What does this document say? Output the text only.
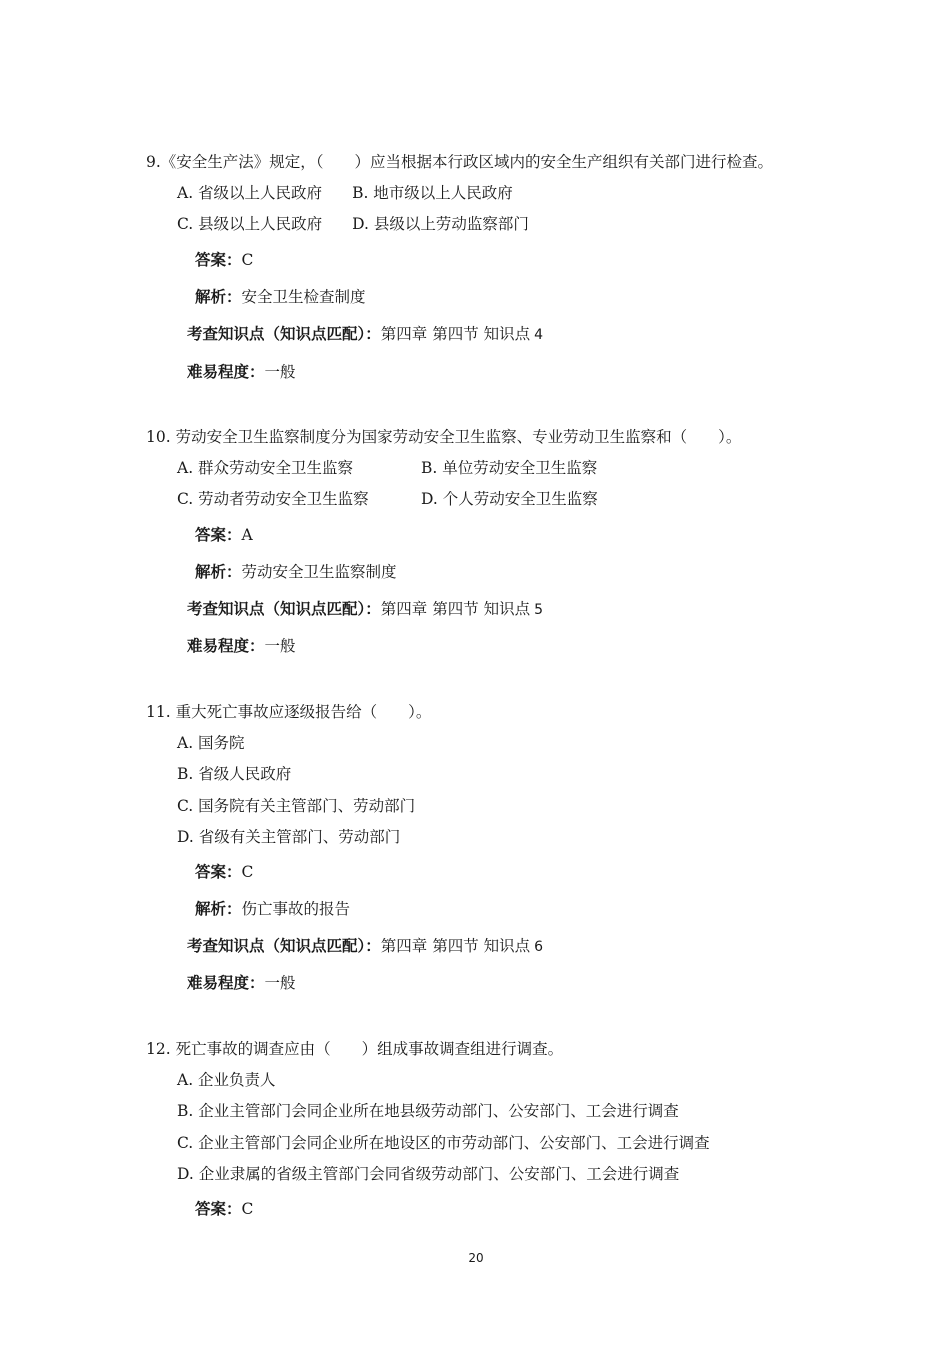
9.《安全生产法》规定，（　　）应当根据本行政区域内的安全生产组织有关部门进行检查。
A. 省级以上人民政府 B. 地市级以上人民政府
C. 县级以上人民政府 D. 县级以上劳动监察部门
答案：C
解析：安全卫生检查制度
考查知识点（知识点匹配）：第四章 第四节 知识点 4
难易程度：一般
10. 劳动安全卫生监察制度分为国家劳动安全卫生监察、专业劳动卫生监察和（　　）。
A. 群众劳动安全卫生监察	B. 单位劳动安全卫生监察
C. 劳动者劳动安全卫生监察	D. 个人劳动安全卫生监察
答案：A
解析：劳动安全卫生监察制度
考查知识点（知识点匹配）：第四章 第四节 知识点 5
难易程度：一般
11. 重大死亡事故应逐级报告给（　　）。
A. 国务院
B. 省级人民政府
C. 国务院有关主管部门、劳动部门
D. 省级有关主管部门、劳动部门
答案：C
解析：伤亡事故的报告
考查知识点（知识点匹配）：第四章 第四节 知识点 6
难易程度：一般
12. 死亡事故的调查应由（　　）组成事故调查组进行调查。
A. 企业负责人
B. 企业主管部门会同企业所在地县级劳动部门、公安部门、工会进行调查
C. 企业主管部门会同企业所在地设区的市劳动部门、公安部门、工会进行调查
D. 企业隶属的省级主管部门会同省级劳动部门、公安部门、工会进行调查
答案：C
20
